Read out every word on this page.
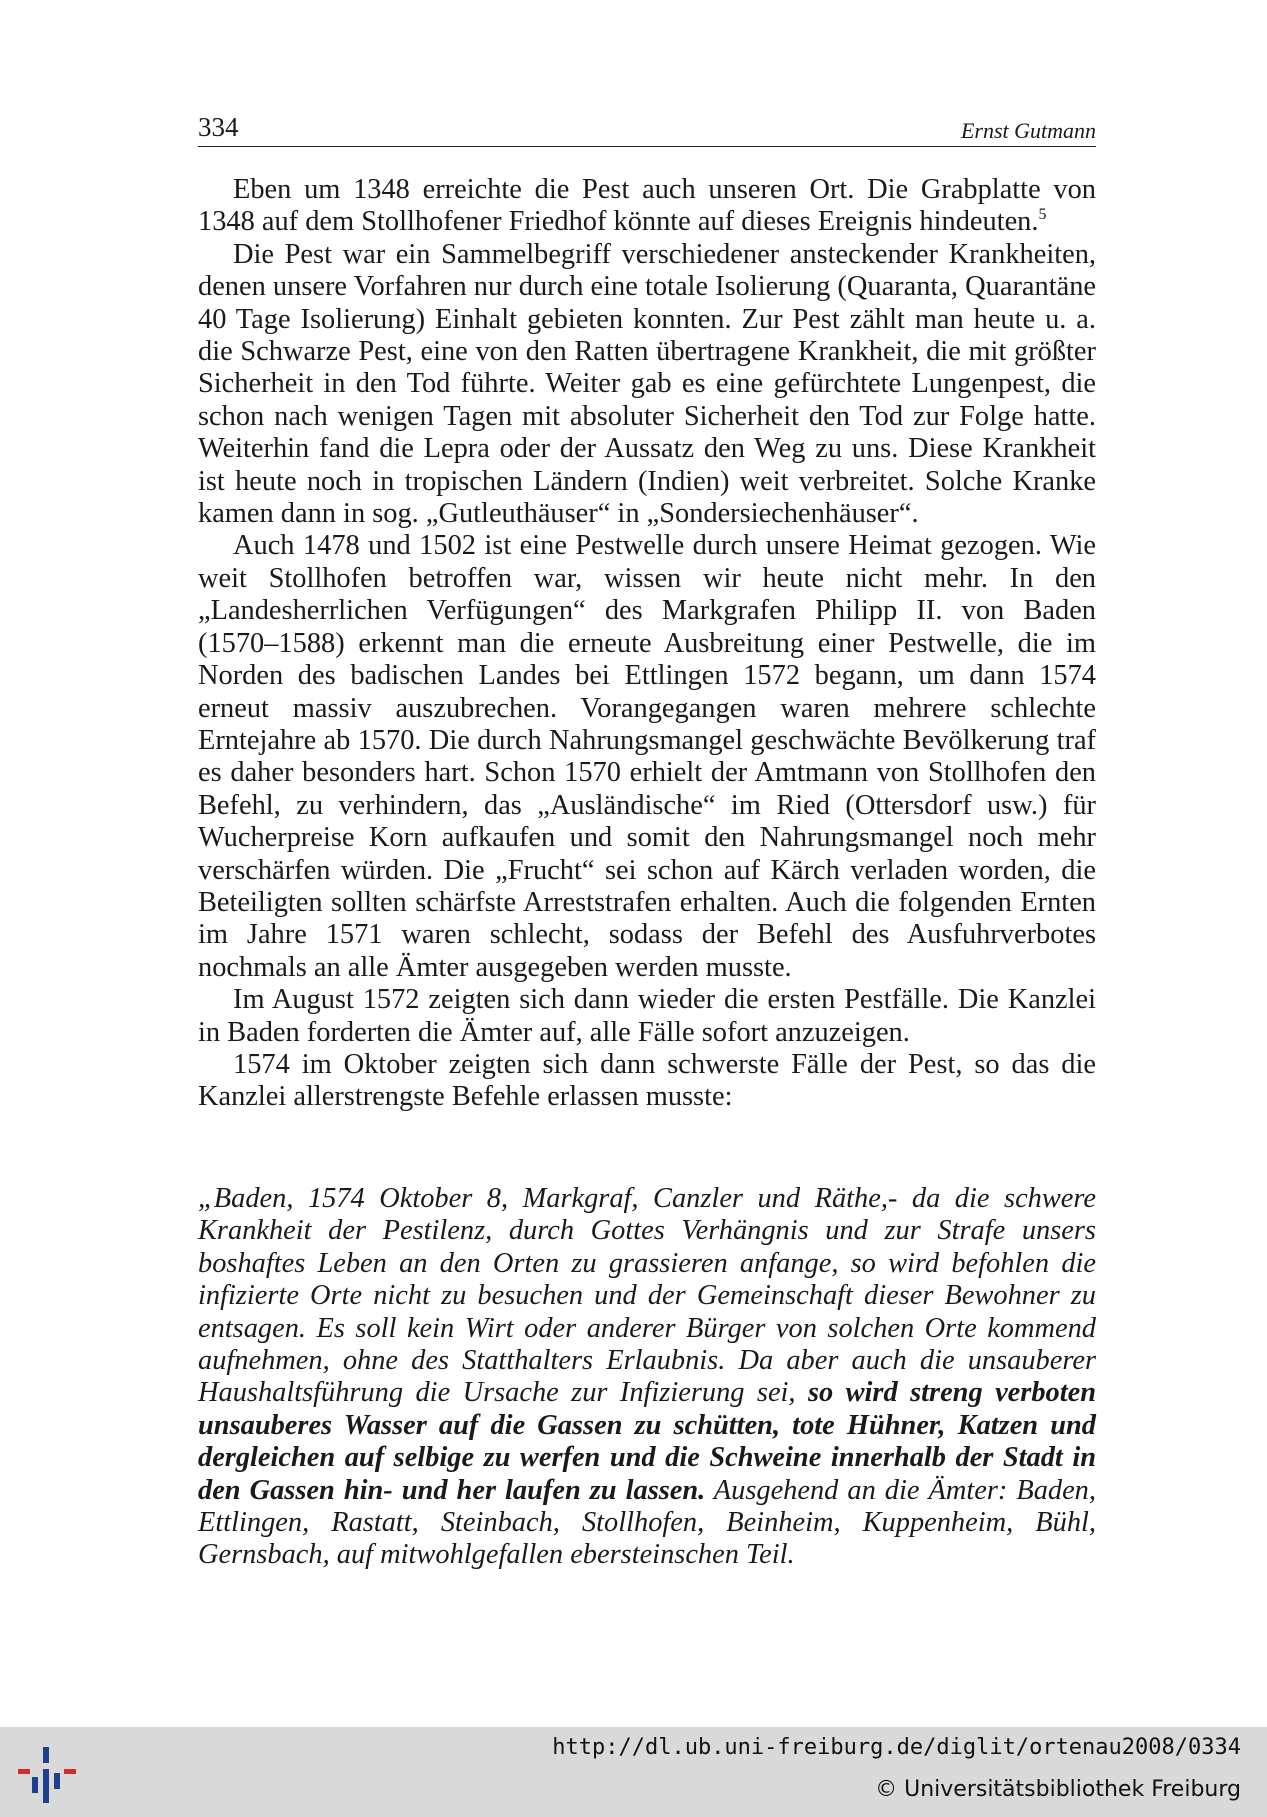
334	Ernst Gutmann

Eben um 1348 erreichte die Pest auch unseren Ort. Die Grabplatte von 1348 auf dem Stollhofener Friedhof könnte auf dieses Ereignis hindeuten.$^5$

Die Pest war ein Sammelbegriff verschiedener ansteckender Krankheiten, denen unsere Vorfahren nur durch eine totale Isolierung (Quaranta, Quarantäne 40 Tage Isolierung) Einhalt gebieten konnten. Zur Pest zählt man heute u. a. die Schwarze Pest, eine von den Ratten übertragene Krankheit, die mit größter Sicherheit in den Tod führte. Weiter gab es eine gefürchtete Lungenpest, die schon nach wenigen Tagen mit absoluter Sicherheit den Tod zur Folge hatte. Weiterhin fand die Lepra oder der Aussatz den Weg zu uns. Diese Krankheit ist heute noch in tropischen Ländern (Indien) weit verbreitet. Solche Kranke kamen dann in sog. „Gutleuthäuser“ in „Sondersiechenhäuser“.

Auch 1478 und 1502 ist eine Pestwelle durch unsere Heimat gezogen. Wie weit Stollhofen betroffen war, wissen wir heute nicht mehr. In den „Landesherrlichen Verfügungen“ des Markgrafen Philipp II. von Baden (1570–1588) erkennt man die erneute Ausbreitung einer Pestwelle, die im Norden des badischen Landes bei Ettlingen 1572 begann, um dann 1574 erneut massiv auszubrechen. Vorangegangen waren mehrere schlechte Erntejahre ab 1570. Die durch Nahrungsmangel geschwächte Bevölkerung traf es daher besonders hart. Schon 1570 erhielt der Amtmann von Stollhofen den Befehl, zu verhindern, das „Ausländische“ im Ried (Ottersdorf usw.) für Wucherpreise Korn aufkaufen und somit den Nahrungsmangel noch mehr verschärfen würden. Die „Frucht“ sei schon auf Kärch verladen worden, die Beteiligten sollten schärfste Arreststrafen erhalten. Auch die folgenden Ernten im Jahre 1571 waren schlecht, sodass der Befehl des Ausfuhrverbotes nochmals an alle Ämter ausgegeben werden musste.

Im August 1572 zeigten sich dann wieder die ersten Pestfälle. Die Kanzlei in Baden forderten die Ämter auf, alle Fälle sofort anzuzeigen.

1574 im Oktober zeigten sich dann schwerste Fälle der Pest, so das die Kanzlei allerstrengste Befehle erlassen musste:

„Baden, 1574 Oktober 8, Markgraf, Canzler und Räthe,- da die schwere Krankheit der Pestilenz, durch Gottes Verhängnis und zur Strafe unsers boshaftes Leben an den Orten zu grassieren anfange, so wird befohlen die infizierte Orte nicht zu besuchen und der Gemeinschaft dieser Bewohner zu entsagen. Es soll kein Wirt oder anderer Bürger von solchen Orte kommend aufnehmen, ohne des Statthalters Erlaubnis. Da aber auch die unsauberer Haushaltsführung die Ursache zur Infizierung sei, so wird streng verboten unsauberes Wasser auf die Gassen zu schütten, tote Hühner, Katzen und dergleichen auf selbige zu werfen und die Schweine innerhalb der Stadt in den Gassen hin- und her laufen zu lassen. Ausgehend an die Ämter: Baden, Ettlingen, Rastatt, Steinbach, Stollhofen, Beinheim, Kuppenheim, Bühl, Gernsbach, auf mitwohlgefallen ebersteinschen Teil.
http://dl.ub.uni-freiburg.de/diglit/ortenau2008/0334
© Universitätsbibliothek Freiburg
